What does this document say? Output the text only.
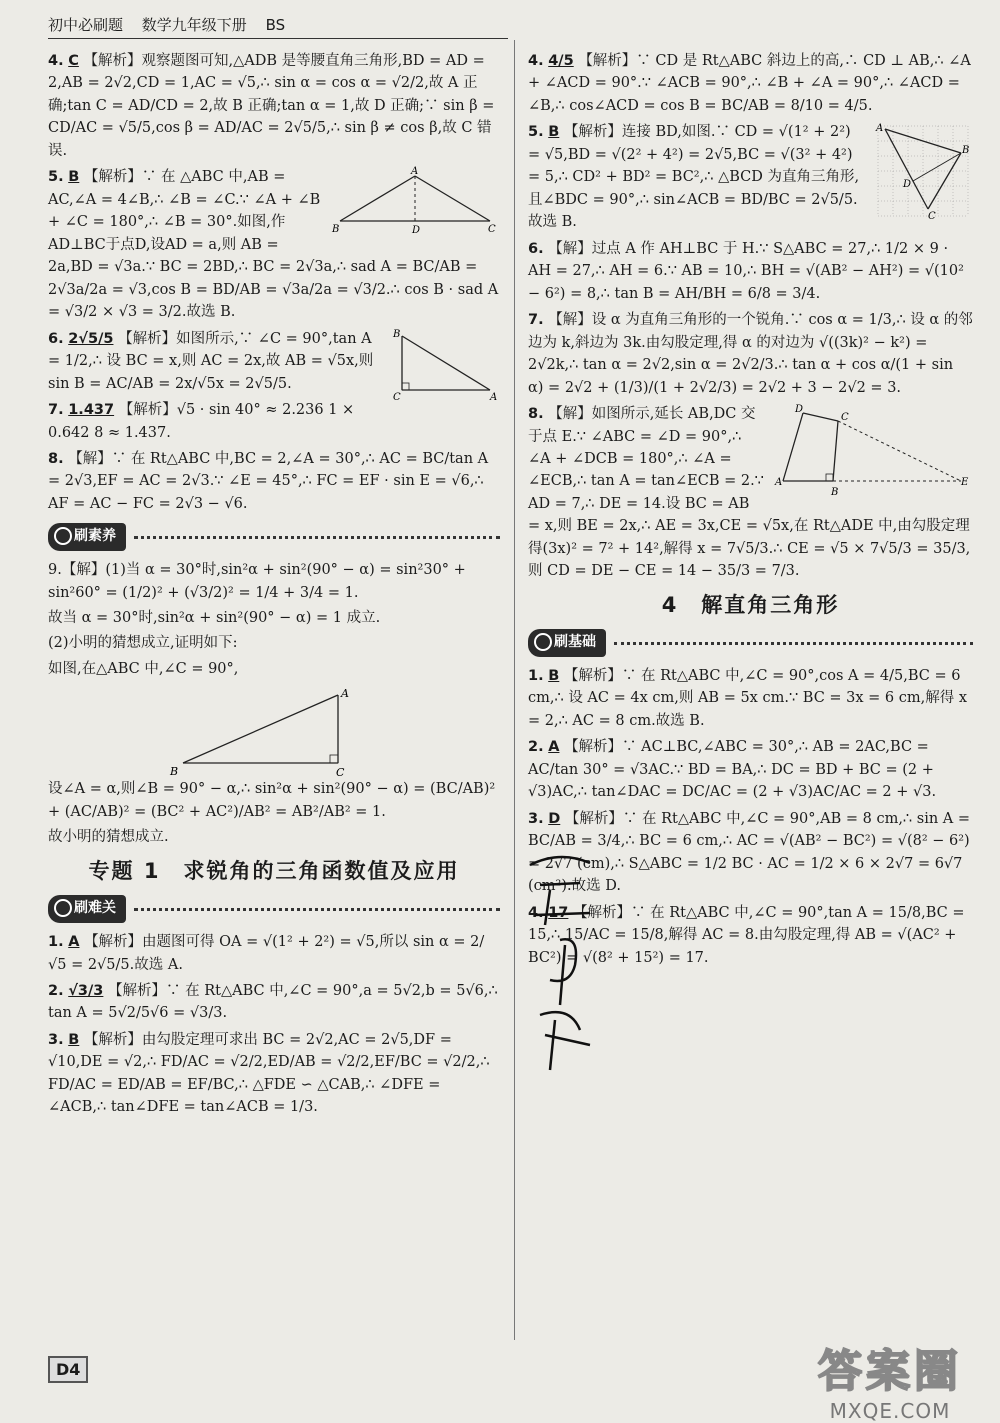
初中必刷题 数学九年级下册 BS
4. C 【解析】观察题图可知,△ADB 是等腰直角三角形,BD = AD = 2,AB = 2√2,CD = 1,AC = √5,∴ sin α = cos α = √2/2,故 A 正确;tan C = AD/CD = 2,故 B 正确;tan α = 1,故 D 正确;∵ sin β = CD/AC = √5/5,cos β = AD/AC = 2√5/5,∴ sin β ≠ cos β,故 C 错误.
A
B	D	C
5. B 【解析】∵ 在 △ABC 中,AB = AC,∠A = 4∠B,∴ ∠B = ∠C.∵ ∠A + ∠B + ∠C = 180°,∴ ∠B = 30°.如图,作AD⊥BC于点D,设AD = a,则 AB = 2a,BD = √3a.∵ BC = 2BD,∴ BC = 2√3a,∴ sad A = BC/AB = 2√3a/2a = √3,cos B = BD/AB = √3a/2a = √3/2.∴ cos B · sad A = √3/2 × √3 = 3/2.故选 B.
B
C	A
6. 2√5/5 【解析】如图所示,∵ ∠C = 90°,tan A = 1/2,∴ 设 BC = x,则 AC = 2x,故 AB = √5x,则 sin B = AC/AB = 2x/√5x = 2√5/5.
7. 1.437 【解析】√5 · sin 40° ≈ 2.236 1 × 0.642 8 ≈ 1.437.
8. 【解】∵ 在 Rt△ABC 中,BC = 2,∠A = 30°,∴ AC = BC/tan A = 2√3,EF = AC = 2√3.∵ ∠E = 45°,∴ FC = EF · sin E = √6,∴ AF = AC − FC = 2√3 − √6.
刷素养

9.【解】(1)当 α = 30°时,sin²α + sin²(90° − α) = sin²30° + sin²60° = (1/2)² + (√3/2)² = 1/4 + 3/4 = 1.

故当 α = 30°时,sin²α + sin²(90° − α) = 1 成立.

(2)小明的猜想成立,证明如下:

如图,在△ABC 中,∠C = 90°,

A
B	C

设∠A = α,则∠B = 90° − α,∴ sin²α + sin²(90° − α) = (BC/AB)² + (AC/AB)² = (BC² + AC²)/AB² = AB²/AB² = 1.

故小明的猜想成立.

专题 1　求锐角的三角函数值及应用
刷难关
1. A 【解析】由题图可得 OA = √(1² + 2²) = √5,所以 sin α = 2/√5 = 2√5/5.故选 A.
2. √3/3 【解析】∵ 在 Rt△ABC 中,∠C = 90°,a = 5√2,b = 5√6,∴ tan A = 5√2/5√6 = √3/3.
3. B 【解析】由勾股定理可求出 BC = 2√2,AC = 2√5,DF = √10,DE = √2,∴ FD/AC = √2/2,ED/AB = √2/2,EF/BC = √2/2,∴ FD/AC = ED/AB = EF/BC,∴ △FDE ∽ △CAB,∴ ∠DFE = ∠ACB,∴ tan∠DFE = tan∠ACB = 1/3.
4. 4/5 【解析】∵ CD 是 Rt△ABC 斜边上的高,∴ CD ⊥ AB,∴ ∠A + ∠ACD = 90°.∵ ∠ACB = 90°,∴ ∠B + ∠A = 90°,∴ ∠ACD = ∠B,∴ cos∠ACD = cos B = BC/AB = 8/10 = 4/5.
A
B
D
C
5. B 【解析】连接 BD,如图.∵ CD = √(1² + 2²) = √5,BD = √(2² + 4²) = 2√5,BC = √(3² + 4²) = 5,∴ CD² + BD² = BC²,∴ △BCD 为直角三角形,且∠BDC = 90°,∴ sin∠ACB = BD/BC = 2√5/5.故选 B.
6. 【解】过点 A 作 AH⊥BC 于 H.∵ S△ABC = 27,∴ 1/2 × 9 · AH = 27,∴ AH = 6.∵ AB = 10,∴ BH = √(AB² − AH²) = √(10² − 6²) = 8,∴ tan B = AH/BH = 6/8 = 3/4.
7. 【解】设 α 为直角三角形的一个锐角.∵ cos α = 1/3,∴ 设 α 的邻边为 k,斜边为 3k.由勾股定理,得 α 的对边为 √((3k)² − k²) = 2√2k,∴ tan α = 2√2,sin α = 2√2/3.∴ tan α + cos α/(1 + sin α) = 2√2 + (1/3)/(1 + 2√2/3) = 2√2 + 3 − 2√2 = 3.
A
B
C
D
E
8. 【解】如图所示,延长 AB,DC 交于点 E.∵ ∠ABC = ∠D = 90°,∴ ∠A + ∠DCB = 180°,∴ ∠A = ∠ECB,∴ tan A = tan∠ECB = 2.∵ AD = 7,∴ DE = 14.设 BC = AB = x,则 BE = 2x,∴ AE = 3x,CE = √5x,在 Rt△ADE 中,由勾股定理得(3x)² = 7² + 14²,解得 x = 7√5/3.∴ CE = √5 × 7√5/3 = 35/3,则 CD = DE − CE = 14 − 35/3 = 7/3.
4　解直角三角形
刷基础
1. B 【解析】∵ 在 Rt△ABC 中,∠C = 90°,cos A = 4/5,BC = 6 cm,∴ 设 AC = 4x cm,则 AB = 5x cm.∵ BC = 3x = 6 cm,解得 x = 2,∴ AC = 8 cm.故选 B.
2. A 【解析】∵ AC⊥BC,∠ABC = 30°,∴ AB = 2AC,BC = AC/tan 30° = √3AC.∵ BD = BA,∴ DC = BD + BC = (2 + √3)AC,∴ tan∠DAC = DC/AC = (2 + √3)AC/AC = 2 + √3.
3. D 【解析】∵ 在 Rt△ABC 中,∠C = 90°,AB = 8 cm,∴ sin A = BC/AB = 3/4,∴ BC = 6 cm,∴ AC = √(AB² − BC²) = √(8² − 6²) = 2√7 (cm),∴ S△ABC = 1/2 BC · AC = 1/2 × 6 × 2√7 = 6√7 (cm²).故选 D.
4. 17 【解析】∵ 在 Rt△ABC 中,∠C = 90°,tan A = 15/8,BC = 15,∴ 15/AC = 15/8,解得 AC = 8.由勾股定理,得 AB = √(AC² + BC²) = √(8² + 15²) = 17.
D4	答案圈
MXQE.COM
